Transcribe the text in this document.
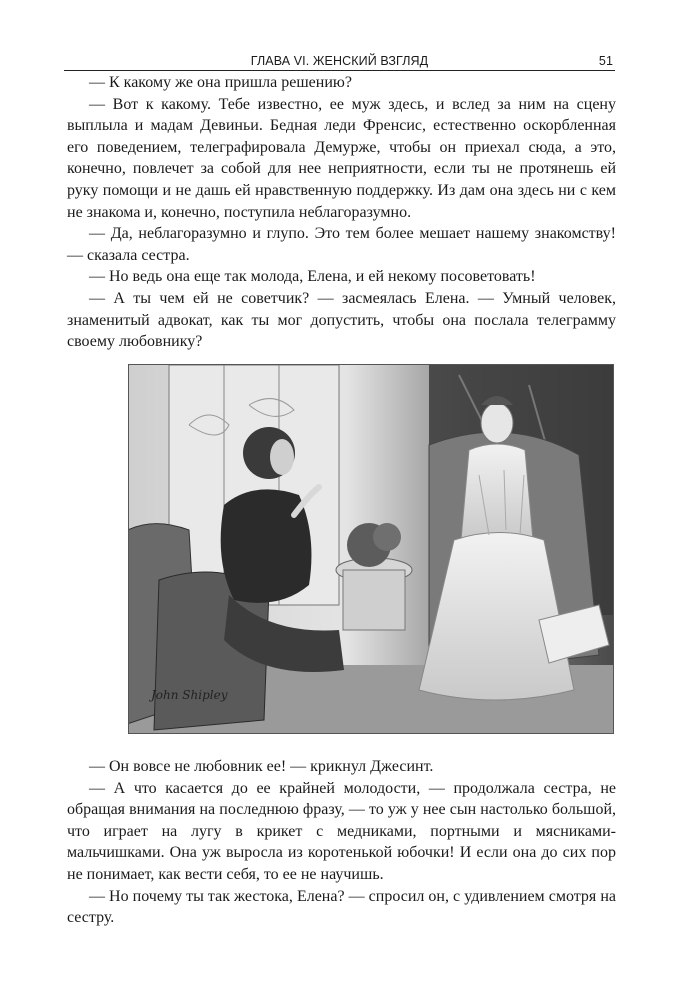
ГЛАВА VI. ЖЕНСКИЙ ВЗГЛЯД	51

— К какому же она пришла решению?

— Вот к какому. Тебе известно, ее муж здесь, и вслед за ним на сцену выплыла и мадам Девиньи. Бедная леди Френсис, естественно оскорбленная его поведением, телеграфировала Демурже, чтобы он приехал сюда, а это, конечно, повлечет за собой для нее неприятности, если ты не протянешь ей руку помощи и не дашь ей нравственную поддержку. Из дам она здесь ни с кем не знакома и, конечно, поступила неблагоразумно.

— Да, неблагоразумно и глупо. Это тем более мешает нашему знакомству! — сказала сестра.

— Но ведь она еще так молода, Елена, и ей некому посоветовать!

— А ты чем ей не советчик? — засмеялась Елена. — Умный человек, знаменитый адвокат, как ты мог допустить, чтобы она послала телеграмму своему любовнику?

John Shipley

— Он вовсе не любовник ее! — крикнул Джесинт.

— А что касается до ее крайней молодости, — продолжала сестра, не обращая внимания на последнюю фразу, — то уж у нее сын настолько большой, что играет на лугу в крикет с медниками, портными и мясниками-мальчишками. Она уж выросла из коротенькой юбочки! И если она до сих пор не понимает, как вести себя, то ее не научишь.

— Но почему ты так жестока, Елена? — спросил он, с удивлением смотря на сестру.
